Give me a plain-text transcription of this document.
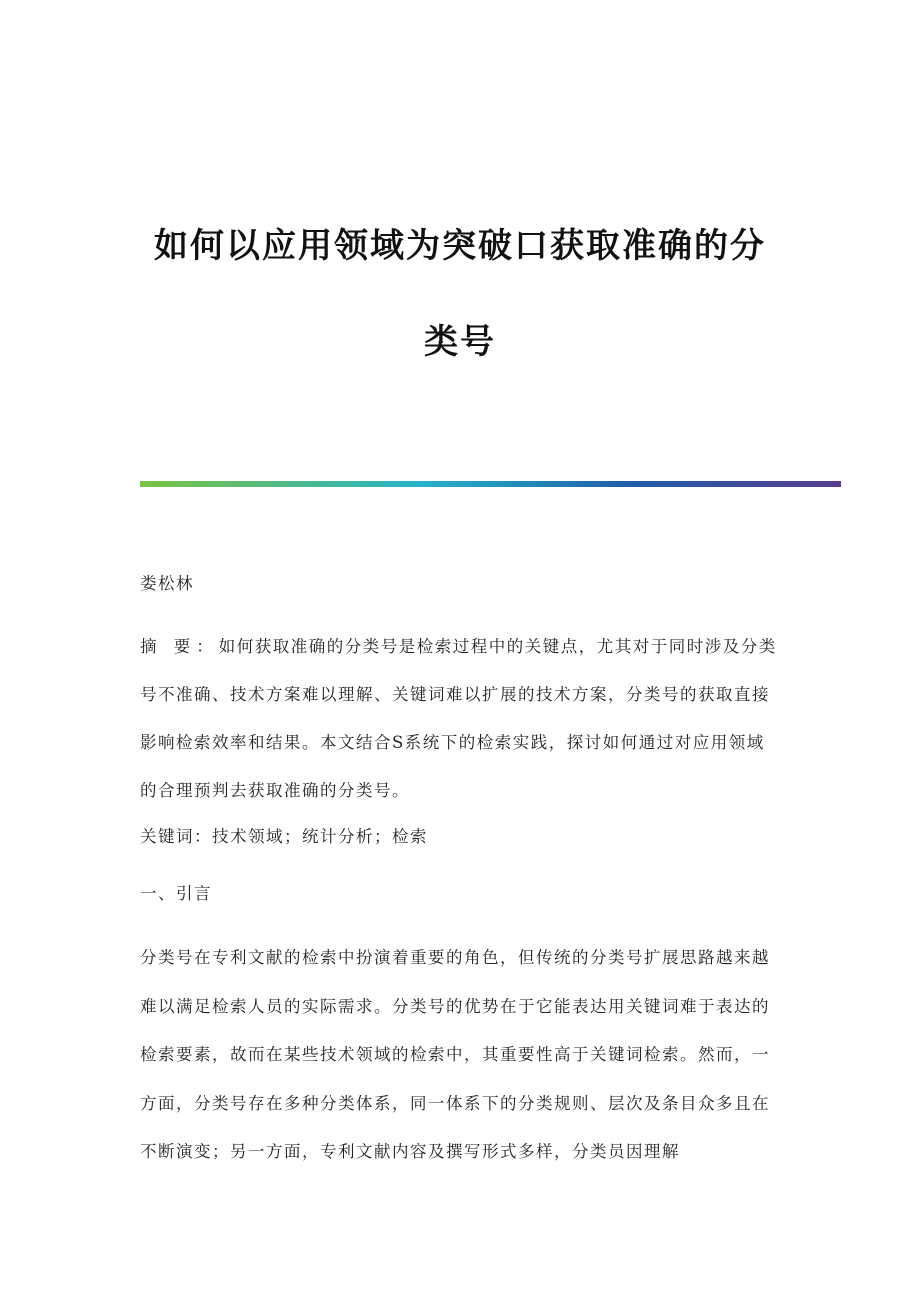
如何以应用领域为突破口获取准确的分
类号

娄松林

摘 要：如何获取准确的分类号是检索过程中的关键点，尤其对于同时涉及分类号不准确、技术方案难以理解、关键词难以扩展的技术方案，分类号的获取直接影响检索效率和结果。本文结合S系统下的检索实践，探讨如何通过对应用领域的合理预判去获取准确的分类号。

关键词：技术领域；统计分析；检索

一、引言

分类号在专利文献的检索中扮演着重要的角色，但传统的分类号扩展思路越来越难以满足检索人员的实际需求。分类号的优势在于它能表达用关键词难于表达的检索要素，故而在某些技术领域的检索中，其重要性高于关键词检索。然而，一方面，分类号存在多种分类体系，同一体系下的分类规则、层次及条目众多且在不断演变；另一方面，专利文献内容及撰写形式多样，分类员因理解
